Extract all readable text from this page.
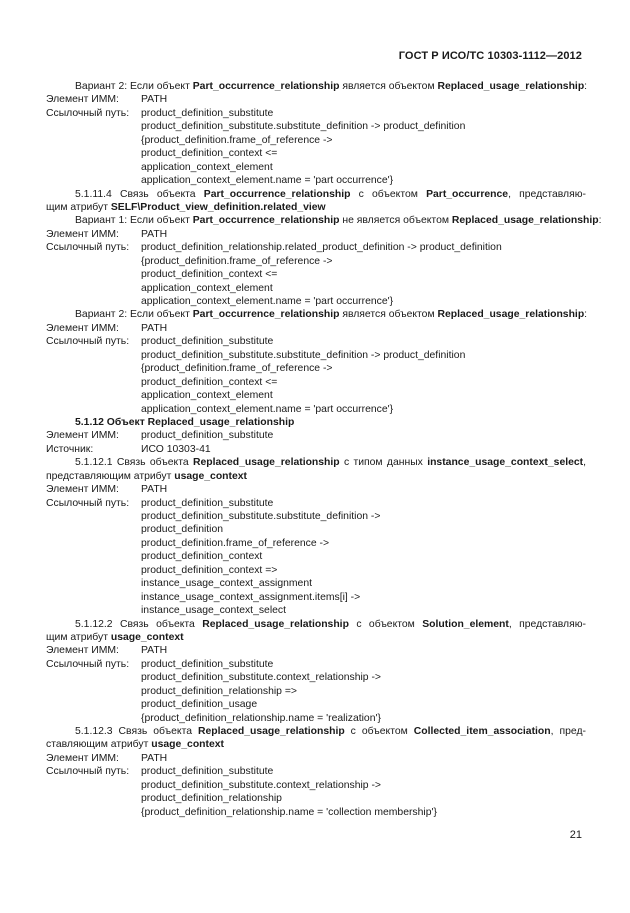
ГОСТ Р ИСО/ТС 10303-1112—2012
Вариант 2: Если объект Part_occurrence_relationship является объектом Replaced_usage_relationship:
Элемент ИММ: PATH
Ссылочный путь: product_definition_substitute
product_definition_substitute.substitute_definition -> product_definition
{product_definition.frame_of_reference ->
product_definition_context <=
application_context_element
application_context_element.name = 'part occurrence'}
5.1.11.4 Связь объекта Part_occurrence_relationship с объектом Part_occurrence, представляю-
щим атрибут SELF\Product_view_definition.related_view
Вариант 1: Если объект Part_occurrence_relationship не является объектом Replaced_usage_relationship:
Элемент ИММ: PATH
Ссылочный путь: product_definition_relationship.related_product_definition -> product_definition
{product_definition.frame_of_reference ->
product_definition_context <=
application_context_element
application_context_element.name = 'part occurrence'}
Вариант 2: Если объект Part_occurrence_relationship является объектом Replaced_usage_relationship:
Элемент ИММ: PATH
Ссылочный путь: product_definition_substitute
product_definition_substitute.substitute_definition -> product_definition
{product_definition.frame_of_reference ->
product_definition_context <=
application_context_element
application_context_element.name = 'part occurrence'}
5.1.12 Объект Replaced_usage_relationship
Элемент ИММ: product_definition_substitute
Источник:	ИСО 10303-41
5.1.12.1 Связь объекта Replaced_usage_relationship с типом данных instance_usage_context_select,
представляющим атрибут usage_context
Элемент ИММ: PATH
Ссылочный путь: product_definition_substitute
product_definition_substitute.substitute_definition ->
product_definition
product_definition.frame_of_reference ->
product_definition_context
product_definition_context =>
instance_usage_context_assignment
instance_usage_context_assignment.items[i] ->
instance_usage_context_select
5.1.12.2 Связь объекта Replaced_usage_relationship с объектом Solution_element, представляю-
щим атрибут usage_context
Элемент ИММ: PATH
Ссылочный путь: product_definition_substitute
product_definition_substitute.context_relationship ->
product_definition_relationship =>
product_definition_usage
{product_definition_relationship.name = 'realization'}
5.1.12.3 Связь объекта Replaced_usage_relationship с объектом Collected_item_association, пред-
ставляющим атрибут usage_context
Элемент ИММ: PATH
Ссылочный путь: product_definition_substitute
product_definition_substitute.context_relationship ->
product_definition_relationship
{product_definition_relationship.name = 'collection membership'}
21
